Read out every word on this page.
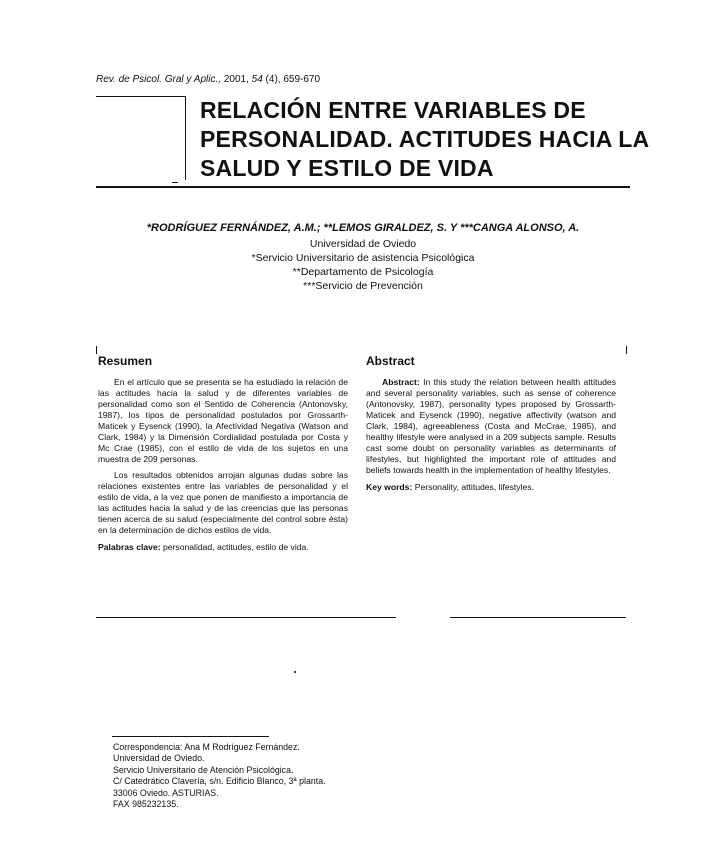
Rev. de Psicol. Gral y Aplic., 2001, 54 (4), 659-670
RELACIÓN ENTRE VARIABLES DE
PERSONALIDAD. ACTITUDES HACIA LA
SALUD Y ESTILO DE VIDA
*RODRÍGUEZ FERNÁNDEZ, A.M.; **LEMOS GIRALDEZ, S. Y ***CANGA ALONSO, A.
Universidad de Oviedo
*Servicio Universitario de asistencia Psicológica
**Departamento de Psicología
***Servicio de Prevención
Resumen

En el artículo que se presenta se ha estudiado la relación de las actitudes hacia la salud y de diferentes variables de personalidad como son el Sentido de Coherencia (Antonovsky, 1987), los tipos de personalidad postulados por Grossarth- Maticek y Eysenck (1990), la Afectividad Negativa (Watson and Clark, 1984) y la Dimensión Cordialidad postulada por Costa y Mc Crae (1985), con el estilo de vida de los sujetos en una muestra de 209 personas.

Los resultados obtenidos arrojan algunas dudas sobre las relaciones existentes entre las variables de personalidad y el estilo de vida, a la vez que ponen de manifiesto a importancia de las actitudes hacia la salud y de las creencias que las personas tienen acerca de su salud (especialmente del control sobre ésta) en la determinación de dichos estilos de vida.

Palabras clave: personalidad, actitudes, estilo de vida.

Abstract

Abstract: In this study the relation between health attitudes and several personality variables, such as sense of coherence (Antonovsky, 1987), personality types proposed by Grossarth-Maticek and Eysenck (1990), negative affectivity (watson and Clark, 1984), agreeableness (Costa and McCrae, 1985), and healthy lifestyle were analysed in a 209 subjects sample. Results cast some doubt on personality variables as determinants of lifestyles, but highlighted the important role of attitudes and beliefs towards health in the implementation of healthy lifestyles.

Key words: Personality, attitudes, lifestyles.

Correspondencia: Ana M Rodríguez Fernández.
Universidad de Oviedo.
Servicio Universitario de Atención Psicológica.
C/ Catedrático Clavería, s/n. Edificio Blanco, 3ª planta.
33006 Oviedo. ASTURIAS.
FAX 985232135.
